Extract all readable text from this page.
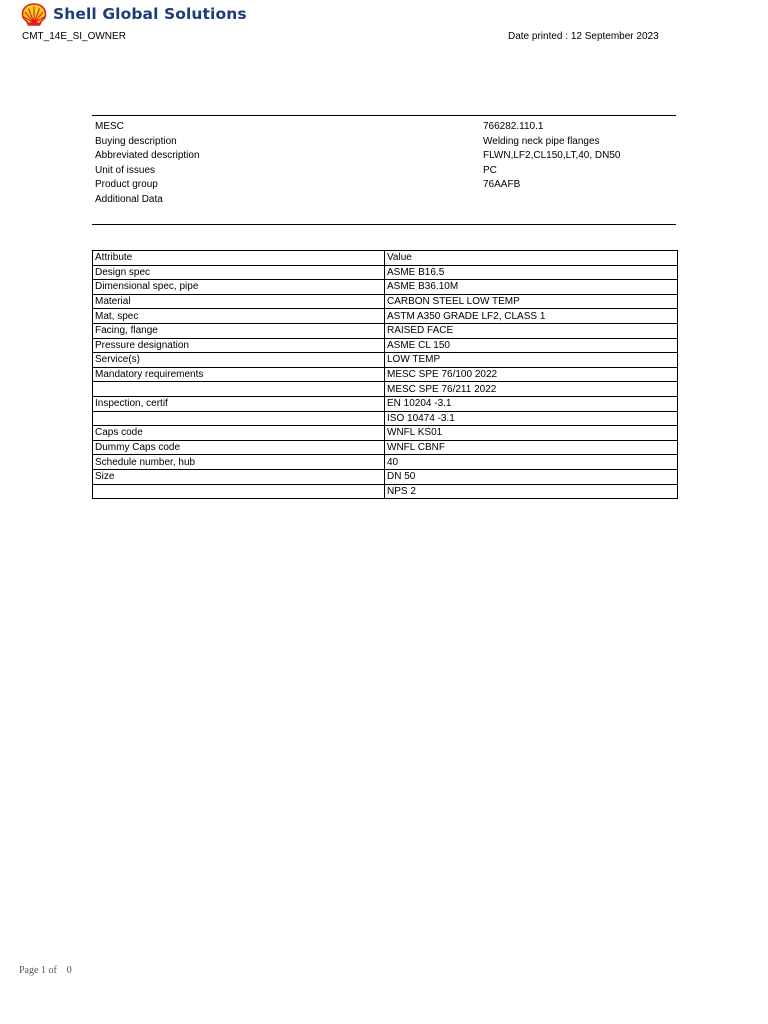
Shell Global Solutions
CMT_14E_SI_OWNER	Date printed : 12 September 2023
MESC	766282.110.1
Buying description	Welding neck pipe flanges
Abbreviated description	FLWN,LF2,CL150,LT,40, DN50
Unit of issues	PC
Product group	76AAFB
Additional Data
Attribute	Value
Design spec	ASME B16.5
Dimensional spec, pipe	ASME B36.10M
Material	CARBON STEEL LOW TEMP
Mat, spec	ASTM A350 GRADE LF2, CLASS 1
Facing, flange	RAISED FACE
Pressure designation	ASME CL 150
Service(s)	LOW TEMP
Mandatory requirements	MESC SPE 76/100 2022
	MESC SPE 76/211 2022
Inspection, certif	EN 10204 -3.1
	ISO 10474 -3.1
Caps code	WNFL KS01
Dummy Caps code	WNFL CBNF
Schedule number, hub	40
Size	DN 50
	NPS 2
Page 1 of 0
